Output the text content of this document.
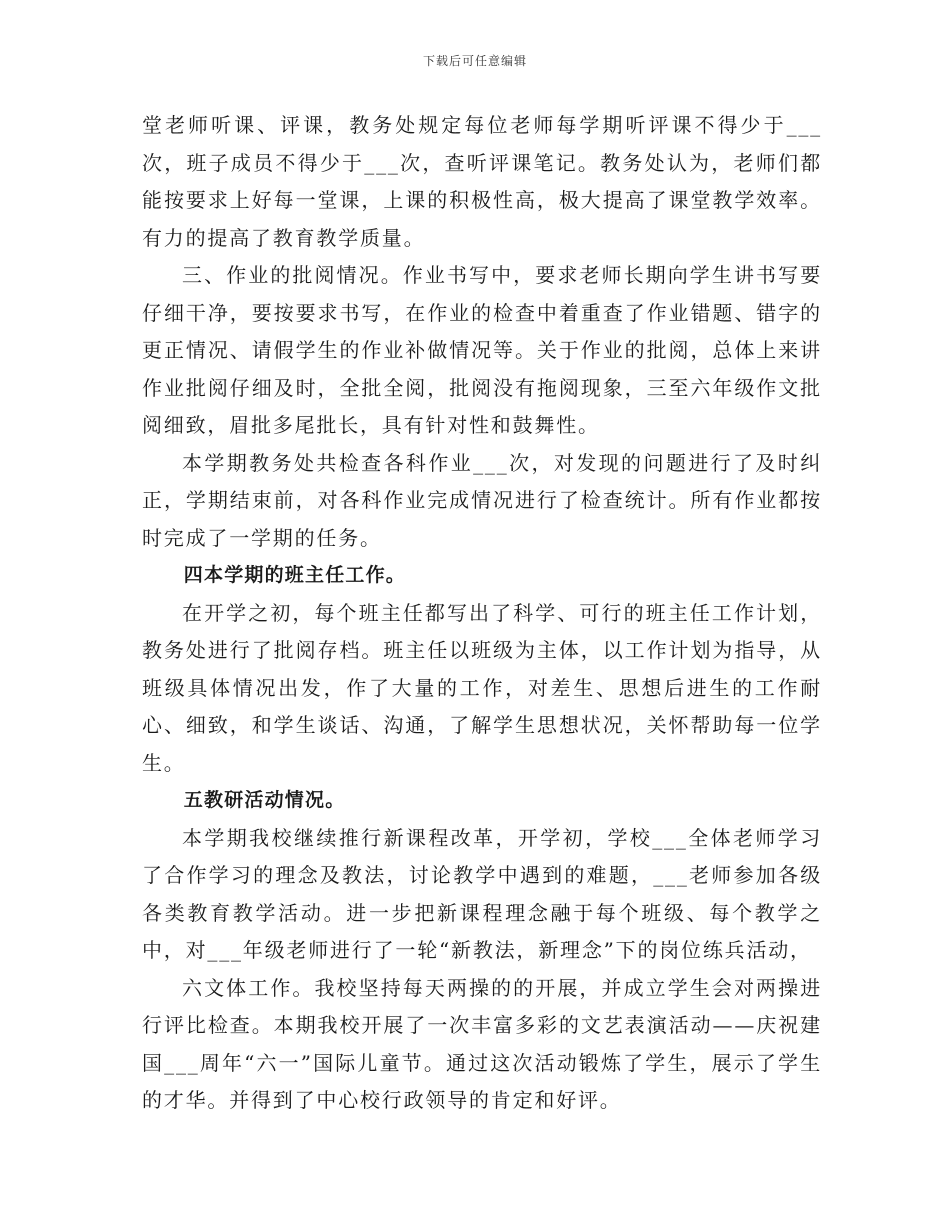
下载后可任意编辑

堂老师听课、评课，教务处规定每位老师每学期听评课不得少于___次，班子成员不得少于___次，查听评课笔记。教务处认为，老师们都能按要求上好每一堂课，上课的积极性高，极大提高了课堂教学效率。有力的提高了教育教学质量。

三、作业的批阅情况。作业书写中，要求老师长期向学生讲书写要仔细干净，要按要求书写，在作业的检查中着重查了作业错题、错字的更正情况、请假学生的作业补做情况等。关于作业的批阅，总体上来讲作业批阅仔细及时，全批全阅，批阅没有拖阅现象，三至六年级作文批阅细致，眉批多尾批长，具有针对性和鼓舞性。

本学期教务处共检查各科作业___次，对发现的问题进行了及时纠正，学期结束前，对各科作业完成情况进行了检查统计。所有作业都按时完成了一学期的任务。

四本学期的班主任工作。

在开学之初，每个班主任都写出了科学、可行的班主任工作计划，教务处进行了批阅存档。班主任以班级为主体，以工作计划为指导，从班级具体情况出发，作了大量的工作，对差生、思想后进生的工作耐心、细致，和学生谈话、沟通，了解学生思想状况，关怀帮助每一位学生。

五教研活动情况。

本学期我校继续推行新课程改革，开学初，学校___全体老师学习了合作学习的理念及教法，讨论教学中遇到的难题，___老师参加各级各类教育教学活动。进一步把新课程理念融于每个班级、每个教学之中，对___年级老师进行了一轮“新教法，新理念”下的岗位练兵活动，

六文体工作。我校坚持每天两操的的开展，并成立学生会对两操进行评比检查。本期我校开展了一次丰富多彩的文艺表演活动——庆祝建国___周年“六一”国际儿童节。通过这次活动锻炼了学生，展示了学生的才华。并得到了中心校行政领导的肯定和好评。
